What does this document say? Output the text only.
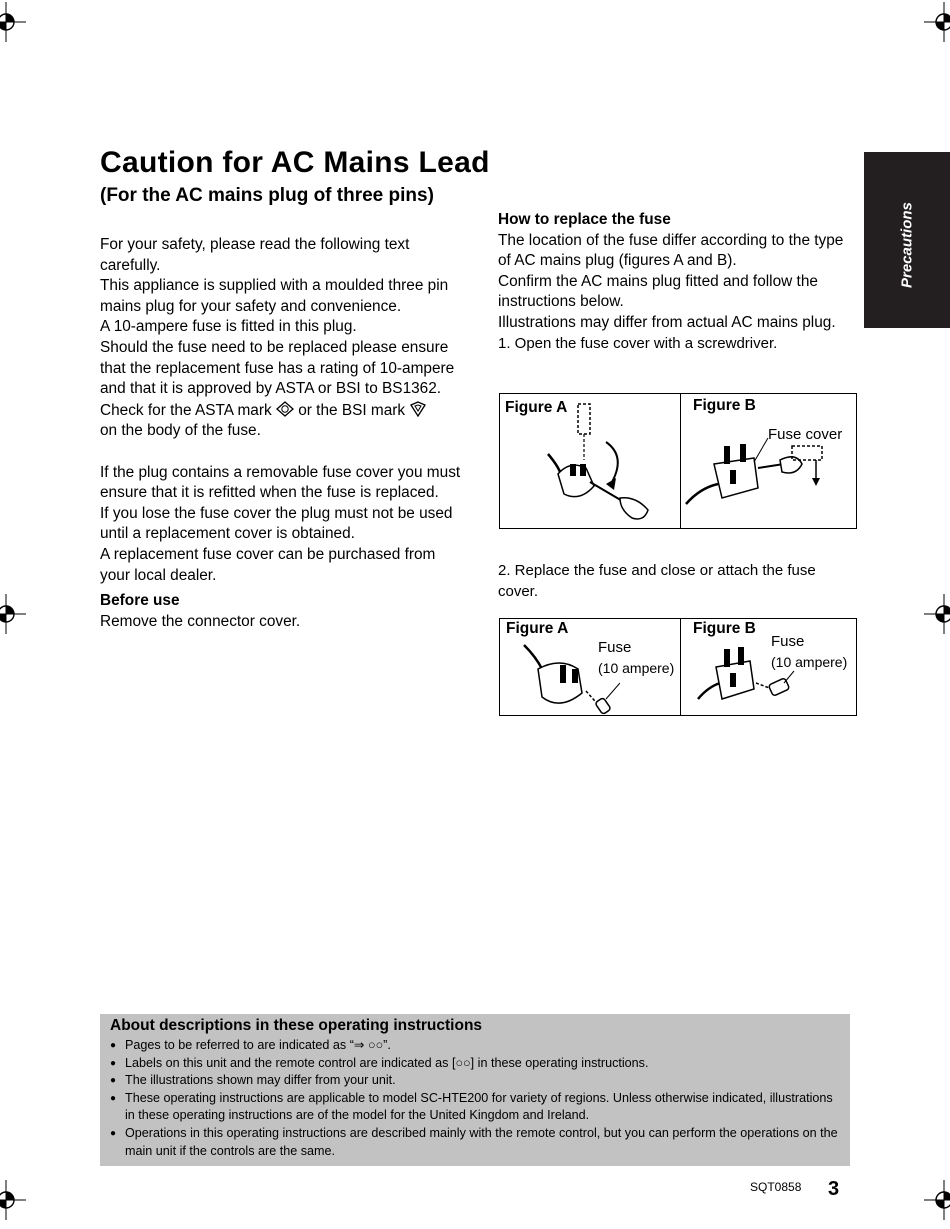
Precautions
Caution for AC Mains Lead
(For the AC mains plug of three pins)

For your safety, please read the following text carefully.

This appliance is supplied with a moulded three pin mains plug for your safety and convenience.

A 10-ampere fuse is fitted in this plug.

Should the fuse need to be replaced please ensure that the replacement fuse has a rating of 10-ampere and that it is approved by ASTA or BSI to BS1362.

Check for the ASTA mark or the BSI mark
on the body of the fuse.

If the plug contains a removable fuse cover you must ensure that it is refitted when the fuse is replaced.

If you lose the fuse cover the plug must not be used until a replacement cover is obtained.

A replacement fuse cover can be purchased from your local dealer.

Before use

Remove the connector cover.

How to replace the fuse

The location of the fuse differ according to the type of AC mains plug (figures A and B).

Confirm the AC mains plug fitted and follow the instructions below.

Illustrations may differ from actual AC mains plug.

1. Open the fuse cover with a screwdriver.

Figure A	Figure B
Fuse cover
2. Replace the fuse and close or attach the fuse cover.
Figure A	Figure B
Fuse
(10 ampere)
Fuse
(10 ampere)
About descriptions in these operating instructions
● Pages to be referred to are indicated as “⇒ ○○”.
● Labels on this unit and the remote control are indicated as [○○] in these operating instructions.
● The illustrations shown may differ from your unit.
● These operating instructions are applicable to model SC-HTE200 for variety of regions. Unless otherwise indicated, illustrations in these operating instructions are of the model for the United Kingdom and Ireland.
● Operations in this operating instructions are described mainly with the remote control, but you can perform the operations on the main unit if the controls are the same.
SQT0858 3
